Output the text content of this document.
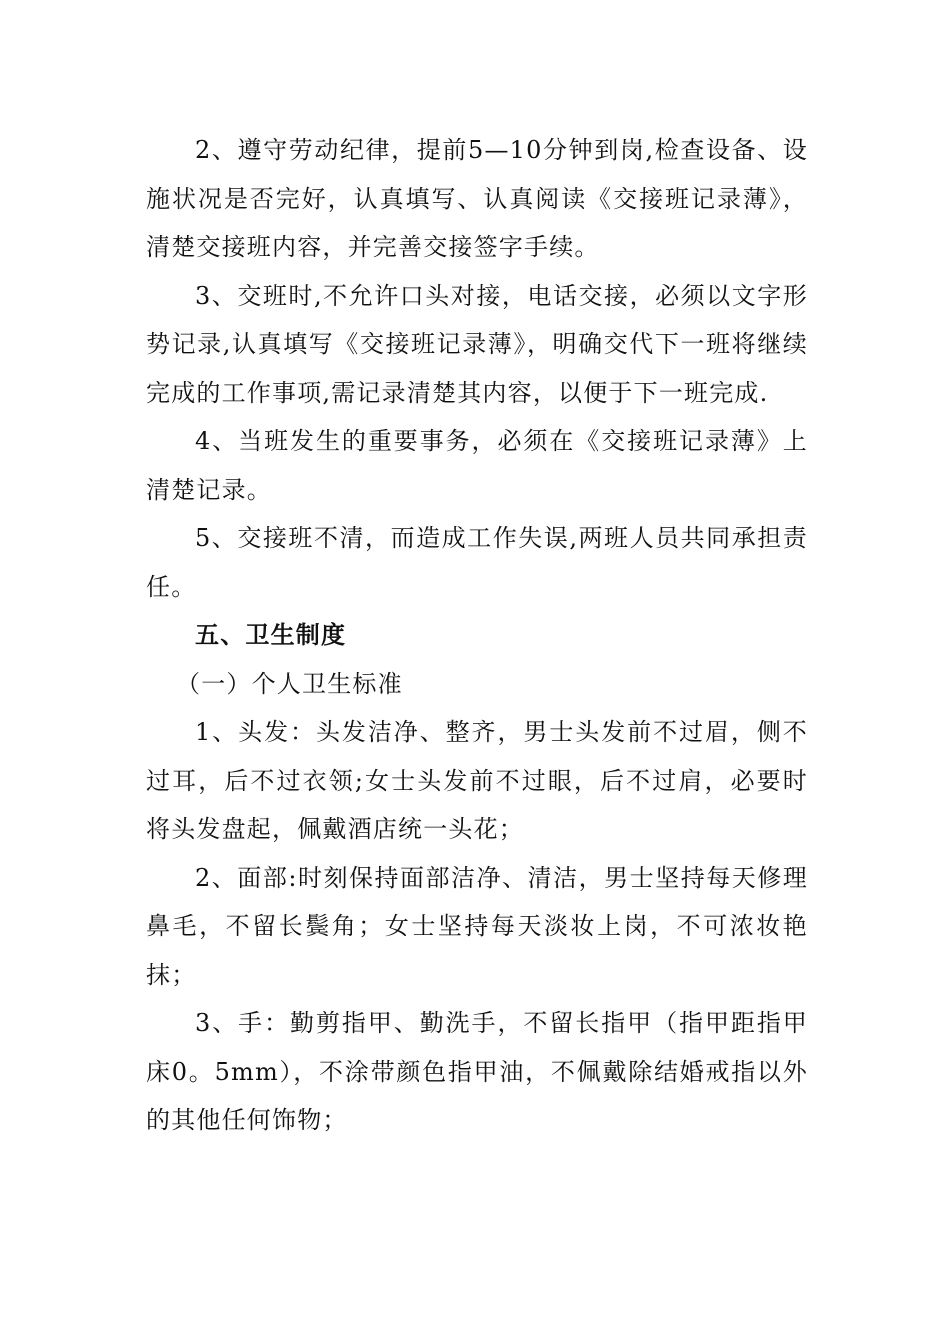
2、遵守劳动纪律，提前5—10分钟到岗,检查设备、设施状况是否完好，认真填写、认真阅读《交接班记录薄》，清楚交接班内容，并完善交接签字手续。

3、交班时,不允许口头对接，电话交接，必须以文字形势记录,认真填写《交接班记录薄》，明确交代下一班将继续完成的工作事项,需记录清楚其内容，以便于下一班完成.

4、当班发生的重要事务，必须在《交接班记录薄》上清楚记录。

5、交接班不清，而造成工作失误,两班人员共同承担责任。

五、卫生制度

（一）个人卫生标准

1、头发：头发洁净、整齐，男士头发前不过眉，侧不过耳，后不过衣领;女士头发前不过眼，后不过肩，必要时将头发盘起，佩戴酒店统一头花；

2、面部:时刻保持面部洁净、清洁，男士坚持每天修理鼻毛，不留长鬓角；女士坚持每天淡妆上岗，不可浓妆艳抹；

3、手：勤剪指甲、勤洗手，不留长指甲（指甲距指甲床0。5mm），不涂带颜色指甲油，不佩戴除结婚戒指以外的其他任何饰物；
